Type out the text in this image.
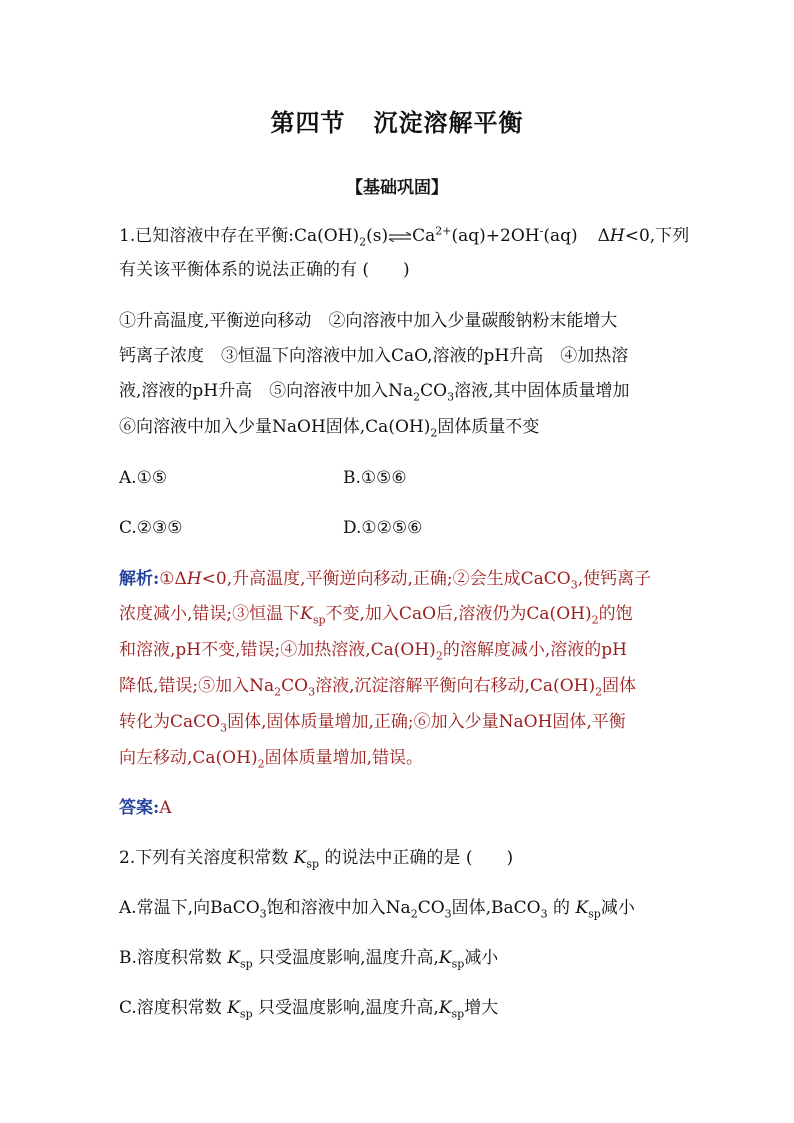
第四节 沉淀溶解平衡
【基础巩固】
1.已知溶液中存在平衡$:Ca(OH)_2(s)\rightleftharpoons Ca^{2+}(aq)+2OH^-(aq)$ ΔH<0,下列
有关该平衡体系的说法正确的有 (　　)
①升高温度,平衡逆向移动　②向溶液中加入少量碳酸钠粉末能增大
钙离子浓度　③恒温下向溶液中加入CaO,溶液的pH升高　④加热溶
液,溶液的pH升高　⑤向溶液中加入$Na_2CO_3$溶液,其中固体质量增加
⑥向溶液中加入少量NaOH固体$,Ca(OH)_2$固体质量不变
A.①⑤	B.①⑤⑥
C.②③⑤	D.①②⑤⑥
解析:①ΔH<0,升高温度,平衡逆向移动,正确;②会生成CaCO$_3$,使钙离子
浓度减小,错误;③恒温下$K_{sp}$不变,加入CaO后,溶液仍为$Ca(OH)_2$的饱
和溶液,pH不变,错误;④加热溶液$,Ca(OH)_2$的溶解度减小,溶液的pH
降低,错误;⑤加入$Na_2CO_3$溶液,沉淀溶解平衡向右移动$,Ca(OH)_2$固体
转化为CaCO$_3$固体,固体质量增加,正确;⑥加入少量NaOH固体,平衡
向左移动$,Ca(OH)_2$固体质量增加,错误。
答案:A
2.下列有关溶度积常数 $K_{sp}$ 的说法中正确的是 (　　)
A.常温下,向BaCO$_3$饱和溶液中加入$Na_2CO_3$固体,BaCO$_3$ 的 $K_{sp}$减小
B.溶度积常数 $K_{sp}$ 只受温度影响,温度升高$,K_{sp}$减小
C.溶度积常数 $K_{sp}$ 只受温度影响,温度升高$,K_{sp}$增大
